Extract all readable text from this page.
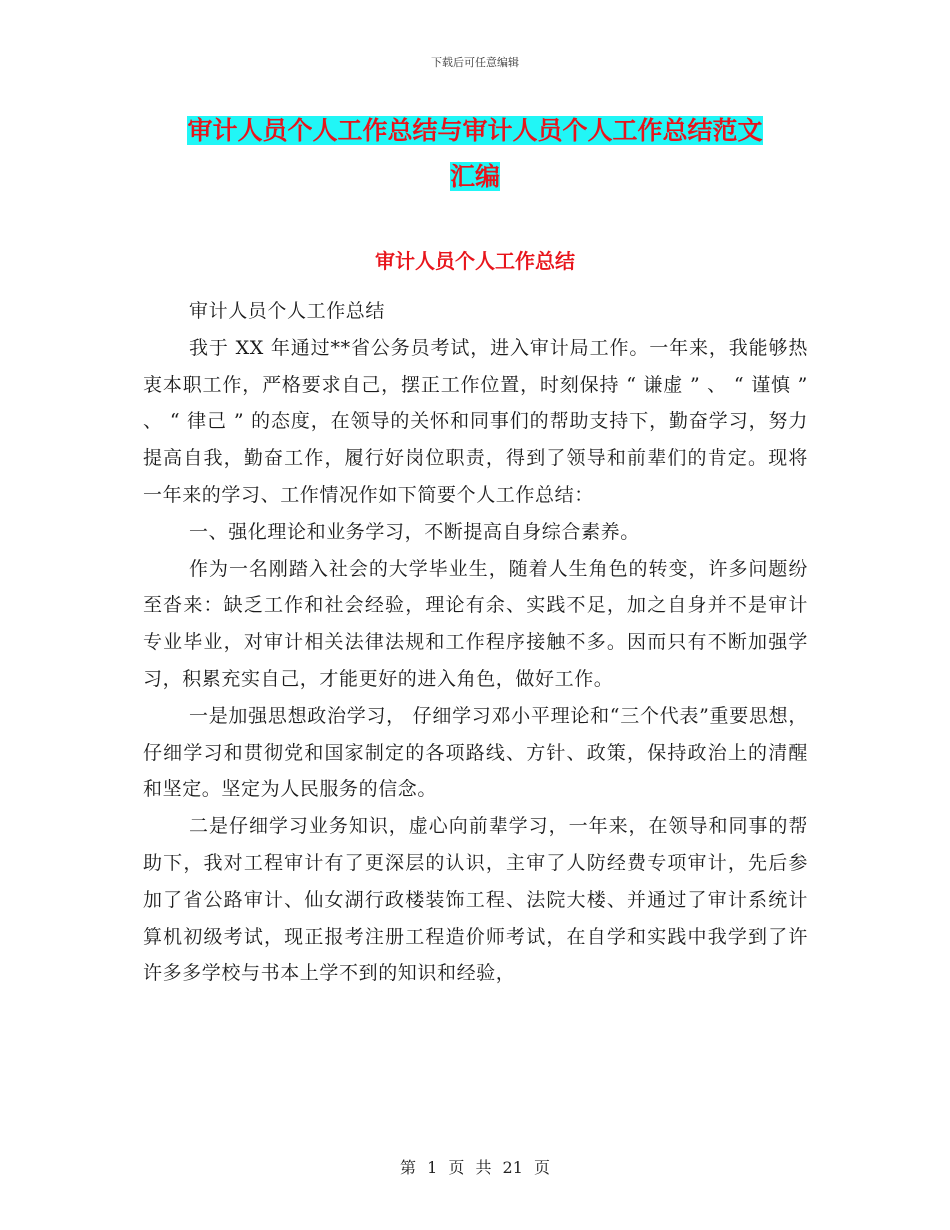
下载后可任意编辑
审计人员个人工作总结与审计人员个人工作总结范文
汇编
审计人员个人工作总结

审计人员个人工作总结

我于 XX 年通过**省公务员考试，进入审计局工作。一年来，我能够热衷本职工作，严格要求自己，摆正工作位置，时刻保持 “ 谦虚 ” 、 “ 谨慎 ” 、 “ 律己 ” 的态度，在领导的关怀和同事们的帮助支持下，勤奋学习，努力提高自我，勤奋工作，履行好岗位职责，得到了领导和前辈们的肯定。现将一年来的学习、工作情况作如下简要个人工作总结：

一、强化理论和业务学习，不断提高自身综合素养。

作为一名刚踏入社会的大学毕业生，随着人生角色的转变，许多问题纷至沓来：缺乏工作和社会经验，理论有余、实践不足，加之自身并不是审计专业毕业，对审计相关法律法规和工作程序接触不多。因而只有不断加强学习，积累充实自己，才能更好的进入角色，做好工作。

一是加强思想政治学习， 仔细学习邓小平理论和“三个代表”重要思想，仔细学习和贯彻党和国家制定的各项路线、方针、政策，保持政治上的清醒和坚定。坚定为人民服务的信念。

二是仔细学习业务知识，虚心向前辈学习，一年来，在领导和同事的帮助下，我对工程审计有了更深层的认识，主审了人防经费专项审计，先后参加了省公路审计、仙女湖行政楼装饰工程、法院大楼、并通过了审计系统计算机初级考试，现正报考注册工程造价师考试，在自学和实践中我学到了许许多多学校与书本上学不到的知识和经验，

第 1 页 共 21 页
